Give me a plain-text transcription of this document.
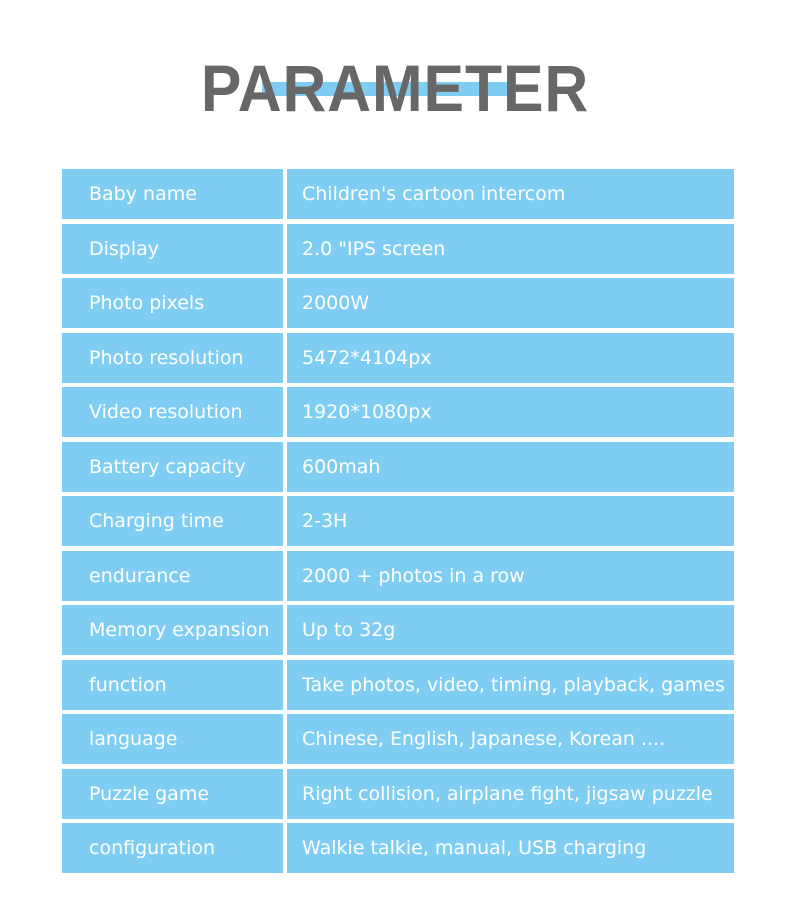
PARAMETER
Baby name	Children's cartoon intercom
Display	2.0 "IPS screen
Photo pixels	2000W
Photo resolution	5472*4104px
Video resolution	1920*1080px
Battery capacity	600mah
Charging time	2-3H
endurance	2000 + photos in a row
Memory expansion	Up to 32g
function	Take photos, video, timing, playback, games
language	Chinese, English, Japanese, Korean ....
Puzzle game	Right collision, airplane fight, jigsaw puzzle
configuration	Walkie talkie, manual, USB charging
